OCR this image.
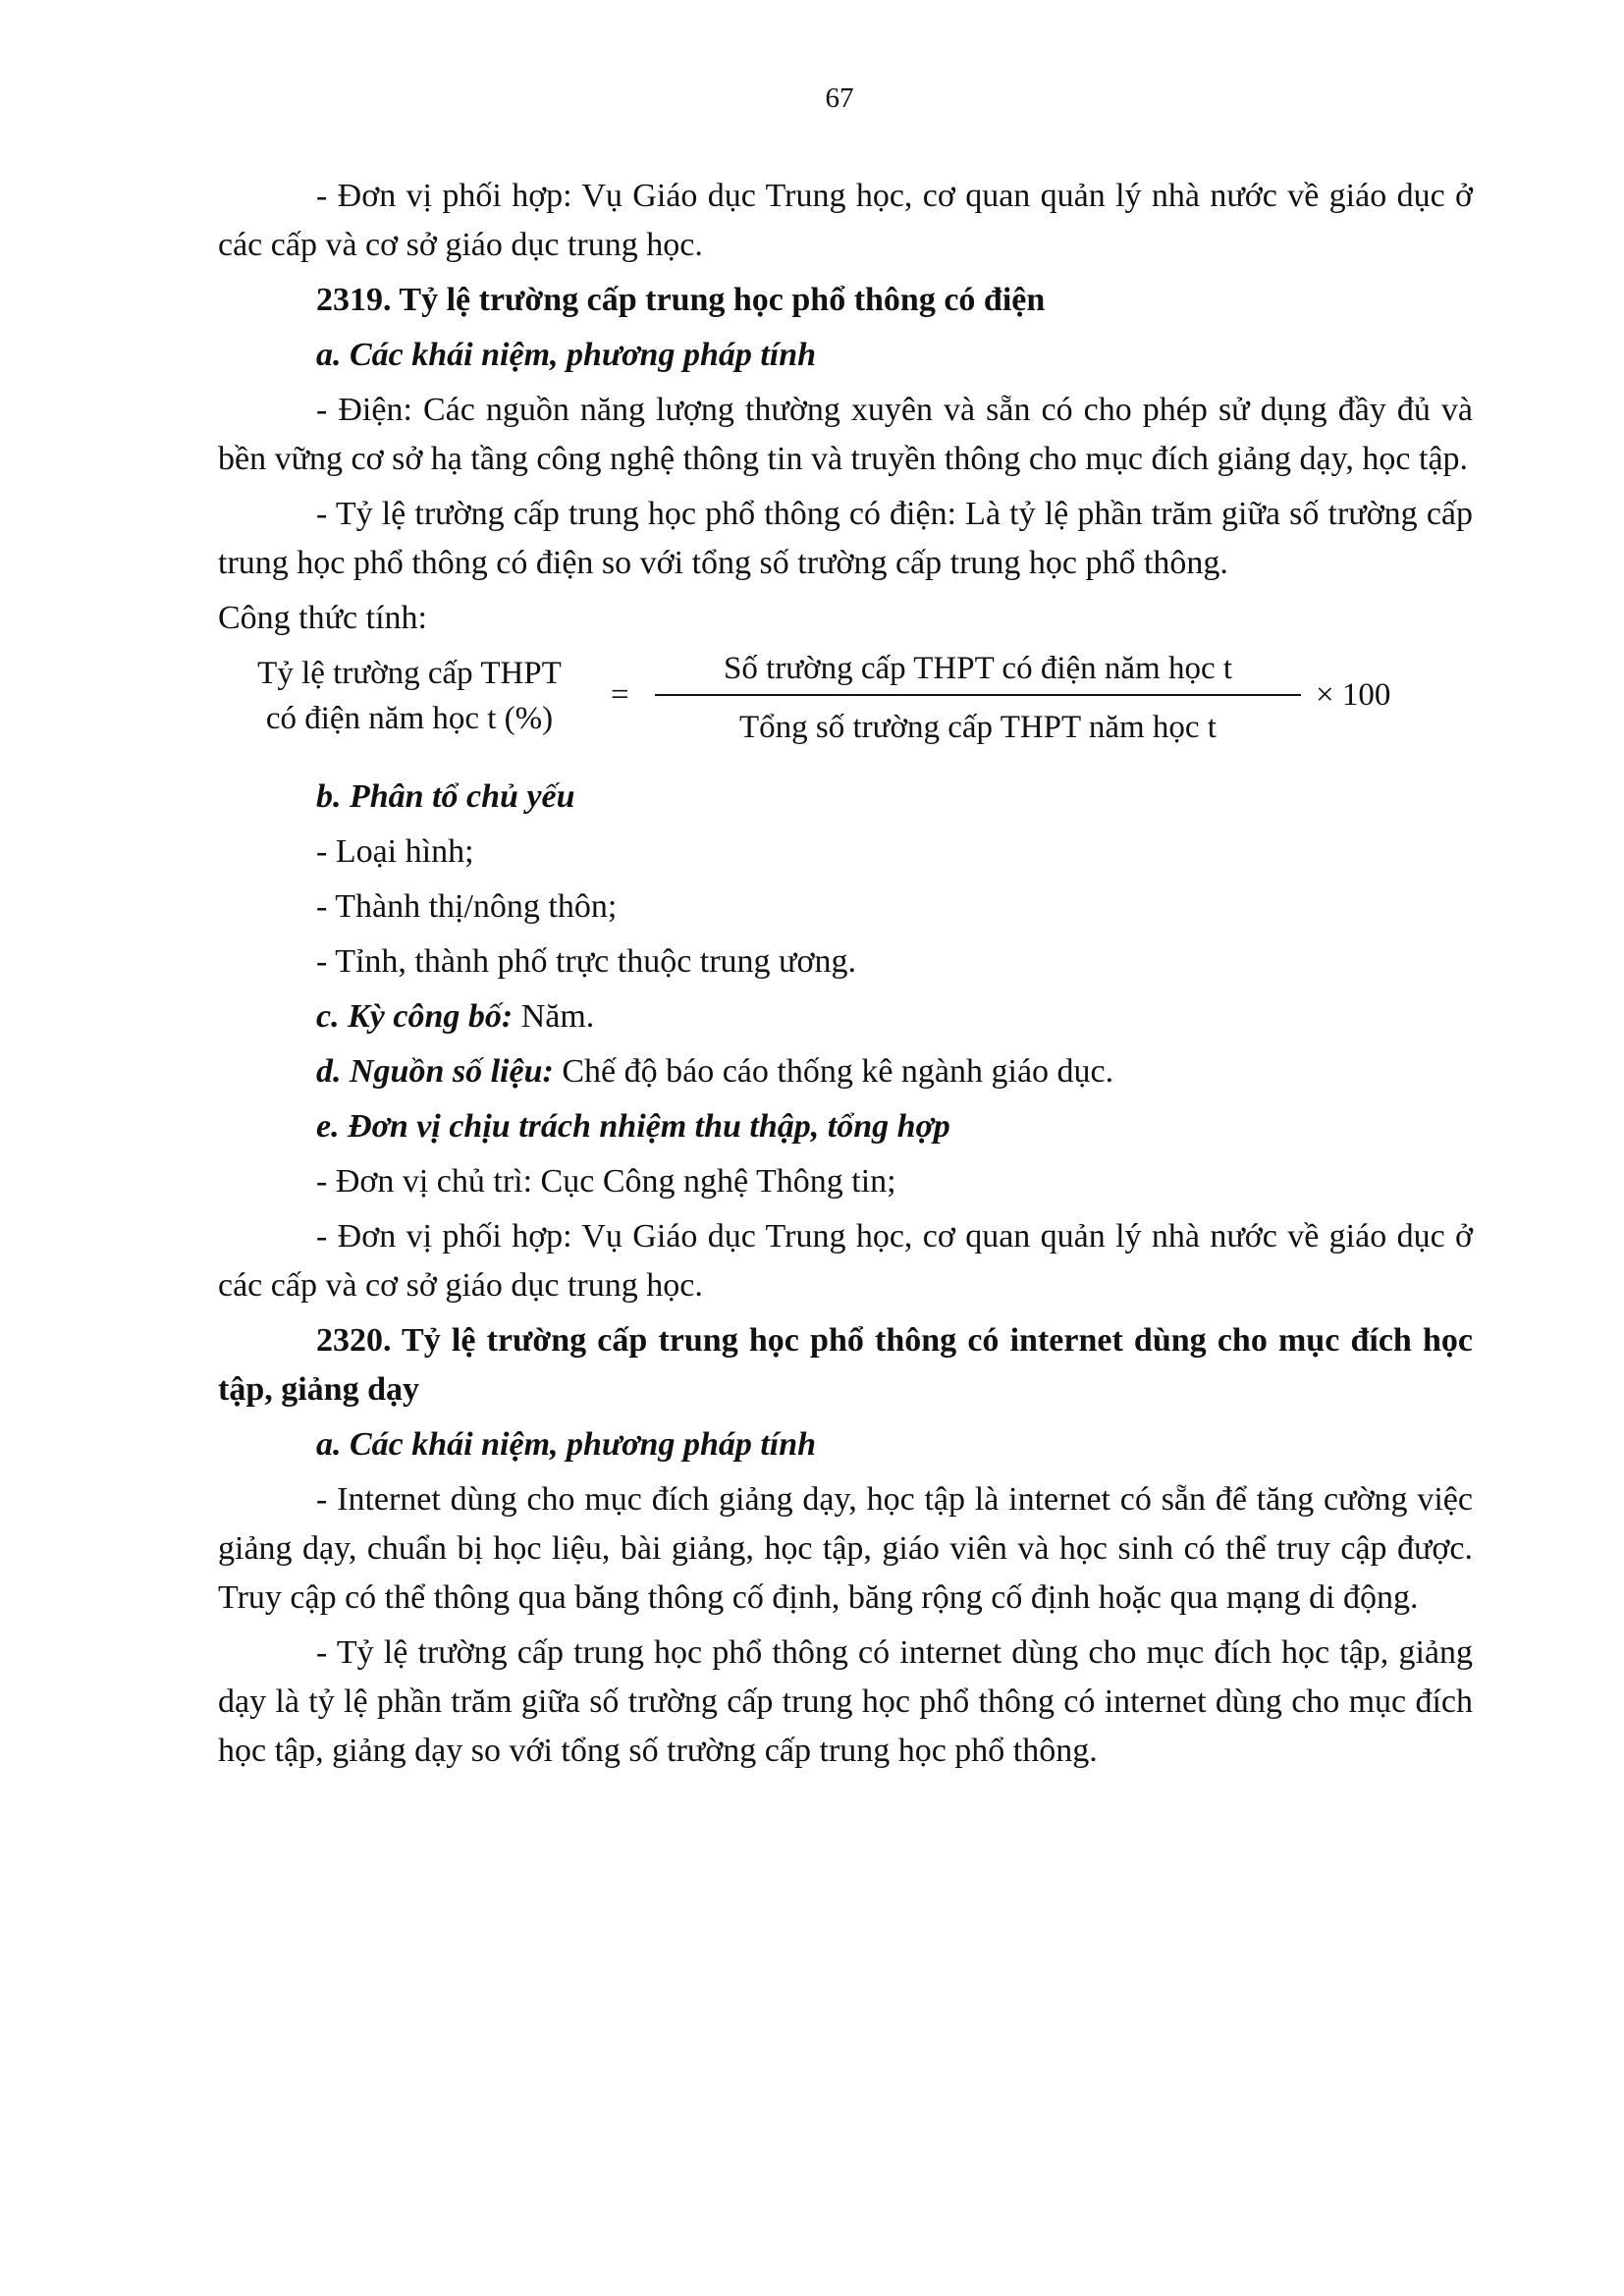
67
- Đơn vị phối hợp: Vụ Giáo dục Trung học, cơ quan quản lý nhà nước về giáo dục ở các cấp và cơ sở giáo dục trung học.
2319. Tỷ lệ trường cấp trung học phổ thông có điện
a. Các khái niệm, phương pháp tính
- Điện: Các nguồn năng lượng thường xuyên và sẵn có cho phép sử dụng đầy đủ và bền vững cơ sở hạ tầng công nghệ thông tin và truyền thông cho mục đích giảng dạy, học tập.
- Tỷ lệ trường cấp trung học phổ thông có điện: Là tỷ lệ phần trăm giữa số trường cấp trung học phổ thông có điện so với tổng số trường cấp trung học phổ thông.
Công thức tính:
Tỷ lệ trường cấp THPT
có điện năm học t (%)
=
Số trường cấp THPT có điện năm học t
Tổng số trường cấp THPT năm học t
× 100
b. Phân tổ chủ yếu
- Loại hình;
- Thành thị/nông thôn;
- Tỉnh, thành phố trực thuộc trung ương.
c. Kỳ công bố: Năm.
d. Nguồn số liệu: Chế độ báo cáo thống kê ngành giáo dục.
e. Đơn vị chịu trách nhiệm thu thập, tổng hợp
- Đơn vị chủ trì: Cục Công nghệ Thông tin;
- Đơn vị phối hợp: Vụ Giáo dục Trung học, cơ quan quản lý nhà nước về giáo dục ở các cấp và cơ sở giáo dục trung học.
2320. Tỷ lệ trường cấp trung học phổ thông có internet dùng cho mục đích học tập, giảng dạy
a. Các khái niệm, phương pháp tính
- Internet dùng cho mục đích giảng dạy, học tập là internet có sẵn để tăng cường việc giảng dạy, chuẩn bị học liệu, bài giảng, học tập, giáo viên và học sinh có thể truy cập được. Truy cập có thể thông qua băng thông cố định, băng rộng cố định hoặc qua mạng di động.
- Tỷ lệ trường cấp trung học phổ thông có internet dùng cho mục đích học tập, giảng dạy là tỷ lệ phần trăm giữa số trường cấp trung học phổ thông có internet dùng cho mục đích học tập, giảng dạy so với tổng số trường cấp trung học phổ thông.
